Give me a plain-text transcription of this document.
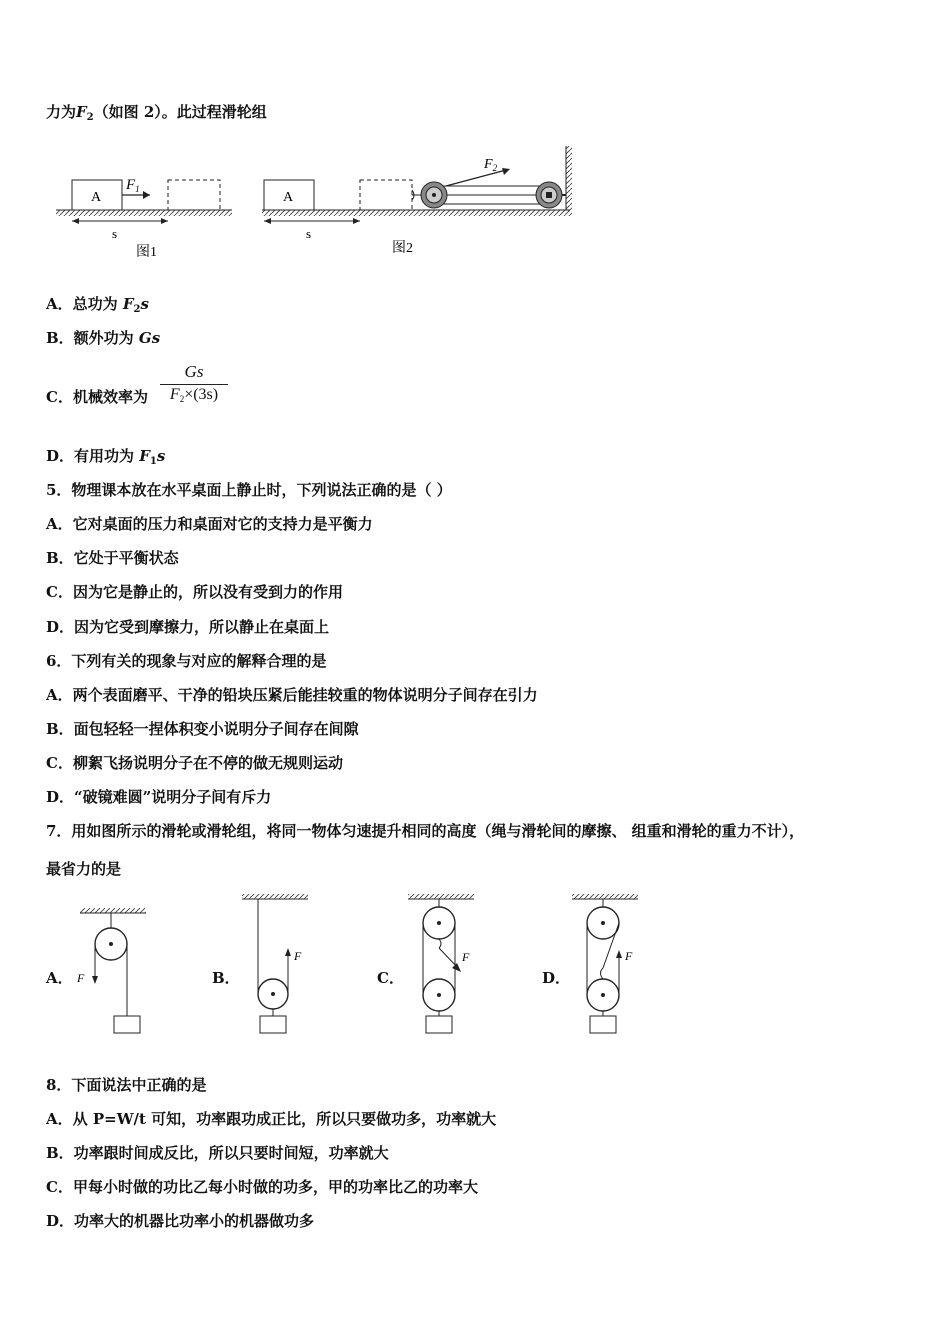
力为$F_2$（如图 2）。此过程滑轮组
A
$F_1$
s
图1
A
$F_2$
s
图2
A．总功为 $F_2s$
B．额外功为 Gs
C．机械效率为
Gs
F2×(3s)
D．有用功为 $F_1s$
5．物理课本放在水平桌面上静止时，下列说法正确的是（ ）
A．它对桌面的压力和桌面对它的支持力是平衡力
B．它处于平衡状态
C．因为它是静止的，所以没有受到力的作用
D．因为它受到摩擦力，所以静止在桌面上
6．下列有关的现象与对应的解释合理的是
A．两个表面磨平、干净的铅块压紧后能挂较重的物体说明分子间存在引力
B．面包轻轻一捏体积变小说明分子间存在间隙
C．柳絮飞扬说明分子在不停的做无规则运动
D．“破镜难圆”说明分子间有斥力
7．用如图所示的滑轮或滑轮组，将同一物体匀速提升相同的高度（绳与滑轮间的摩擦、 组重和滑轮的重力不计），
最省力的是
A．	B．	C．	D．
F
F	F	F
8．下面说法中正确的是
A．从 P=W/t 可知，功率跟功成正比，所以只要做功多，功率就大
B．功率跟时间成反比，所以只要时间短，功率就大
C．甲每小时做的功比乙每小时做的功多，甲的功率比乙的功率大
D．功率大的机器比功率小的机器做功多
